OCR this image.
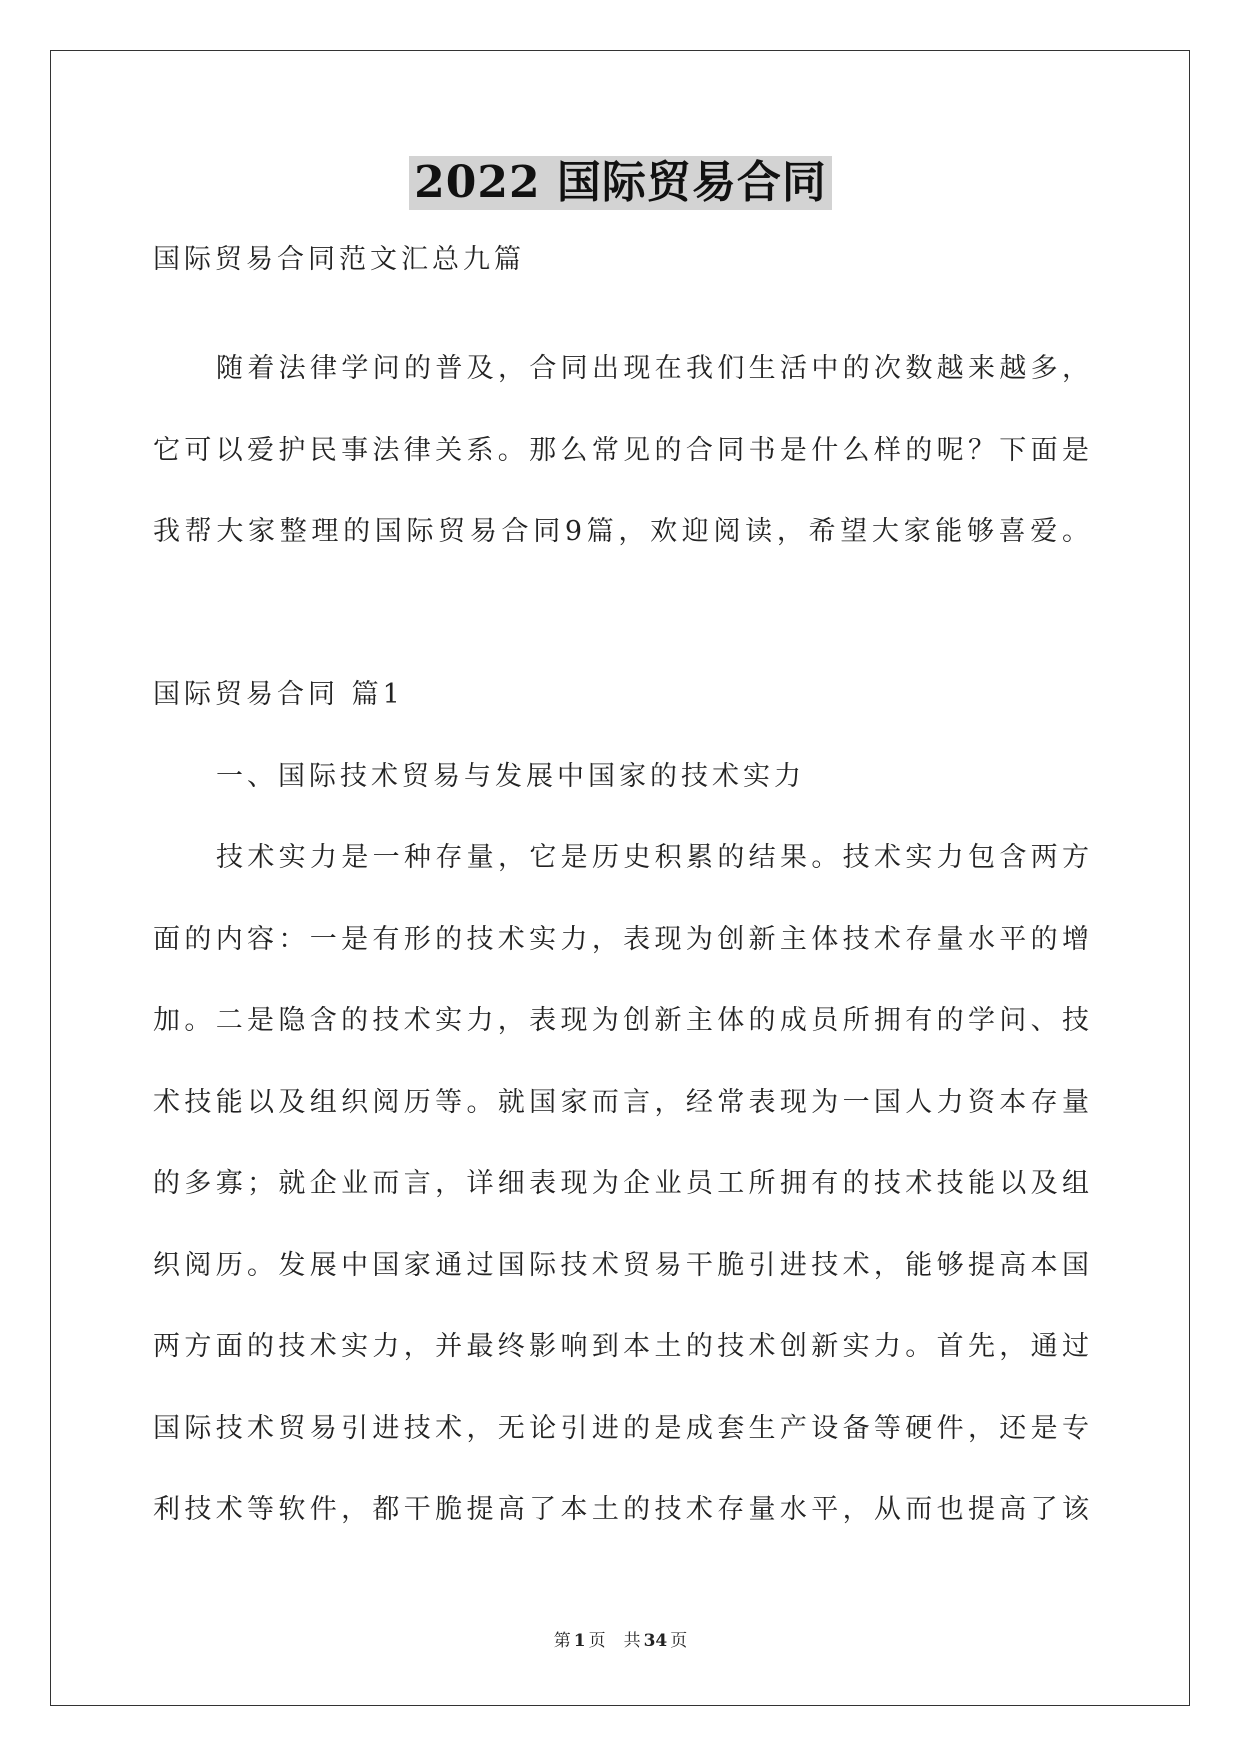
2022 国际贸易合同
国际贸易合同范文汇总九篇
随着法律学问的普及，合同出现在我们生活中的次数越来越多，
它可以爱护民事法律关系。那么常见的合同书是什么样的呢？下面是
我帮大家整理的国际贸易合同9篇，欢迎阅读，希望大家能够喜爱。
国际贸易合同 篇1
一、国际技术贸易与发展中国家的技术实力
技术实力是一种存量，它是历史积累的结果。技术实力包含两方
面的内容：一是有形的技术实力，表现为创新主体技术存量水平的增
加。二是隐含的技术实力，表现为创新主体的成员所拥有的学问、技
术技能以及组织阅历等。就国家而言，经常表现为一国人力资本存量
的多寡；就企业而言，详细表现为企业员工所拥有的技术技能以及组
织阅历。发展中国家通过国际技术贸易干脆引进技术，能够提高本国
两方面的技术实力，并最终影响到本土的技术创新实力。首先，通过
国际技术贸易引进技术，无论引进的是成套生产设备等硬件，还是专
利技术等软件，都干脆提高了本土的技术存量水平，从而也提高了该
第 1 页 共 34 页
